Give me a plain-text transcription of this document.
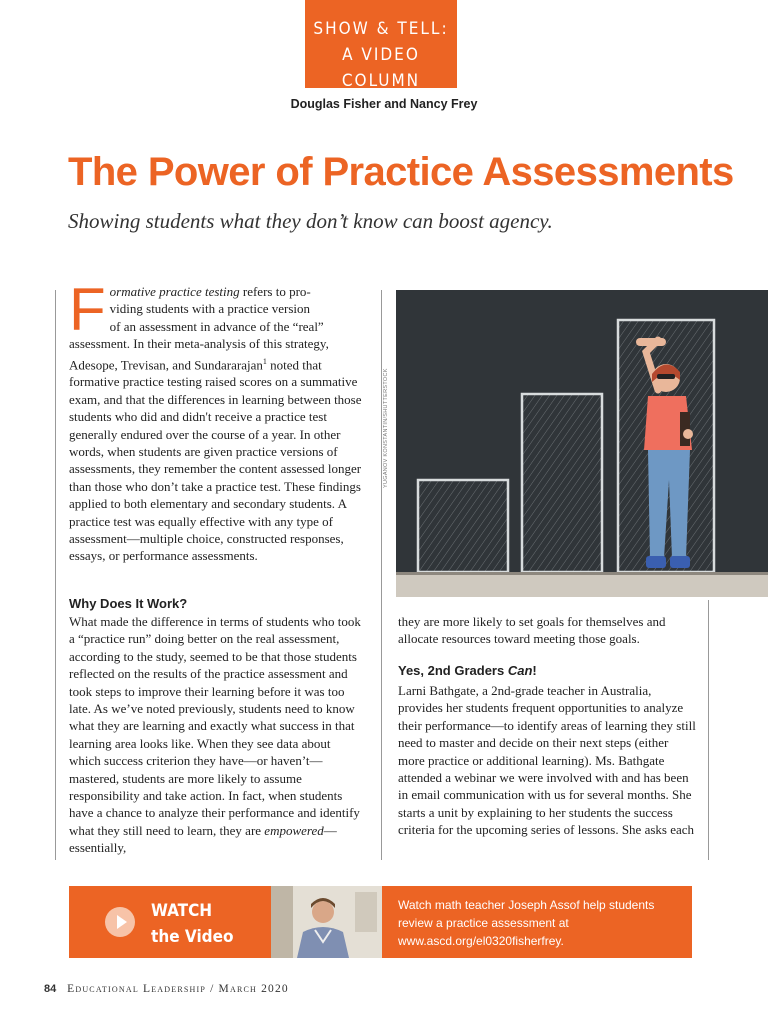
SHOW & TELL:
A VIDEO COLUMN
Douglas Fisher and Nancy Frey
The Power of Practice Assessments
Showing students what they don’t know can boost agency.
Formative practice testing refers to pro-
viding students with a practice version
of an assessment in advance of the “real”
assessment. In their meta-analysis of this strategy, Adesope, Trevisan, and Sundararajan$^1$ noted that formative practice testing raised scores on a summative exam, and that the differences in learning between those students who did and didn't receive a practice test generally endured over the course of a year. In other words, when students are given practice versions of assessments, they remember the content assessed longer than those who don’t take a practice test. These findings applied to both elementary and secondary students. A practice test was equally effective with any type of assessment—multiple choice, constructed responses, essays, or performance assessments.
Why Does It Work?
What made the difference in terms of students who took a “practice run” doing better on the real assessment, according to the study, seemed to be that those students reflected on the results of the practice assessment and took steps to improve their learning before it was too late. As we’ve noted previously, students need to know what they are learning and exactly what success in that learning area looks like. When they see data about which success criterion they have—or haven’t—mastered, students are more likely to assume responsibility and take action. In fact, when students have a chance to analyze their performance and identify what they still need to learn, they are empowered—essentially,
YUGANOV KONSTANTIN/SHUTTERSTOCK
they are more likely to set goals for themselves and allocate resources toward meeting those goals.
Yes, 2nd Graders Can!
Larni Bathgate, a 2nd-grade teacher in Australia, provides her students frequent opportunities to analyze their performance—to identify areas of learning they still need to master and decide on their next steps (either more practice or additional learning). Ms. Bathgate attended a webinar we were involved with and has been in email communication with us for several months. She starts a unit by explaining to her students the success criteria for the upcoming series of lessons. She asks each
WATCH
the Video
Watch math teacher Joseph Assof help students review a practice assessment at www.ascd.org/el0320fisherfrey.
84 Educational Leadership / March 2020
